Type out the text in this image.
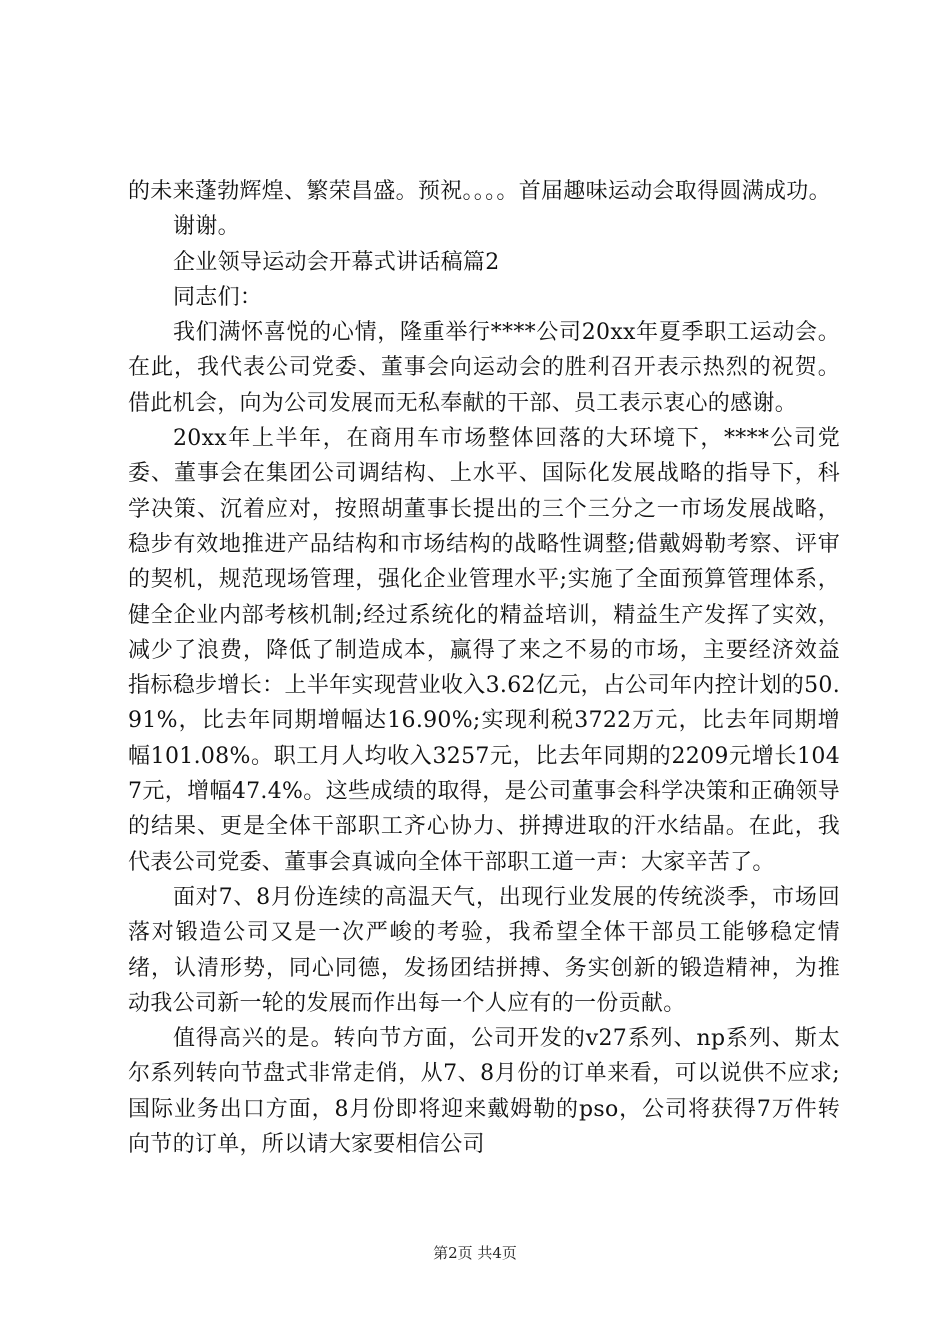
的未来蓬勃辉煌、繁荣昌盛。预祝。。。。首届趣味运动会取得圆满成功。

谢谢。

企业领导运动会开幕式讲话稿篇2

同志们：

我们满怀喜悦的心情，隆重举行****公司20xx年夏季职工运动会。在此，我代表公司党委、董事会向运动会的胜利召开表示热烈的祝贺。借此机会，向为公司发展而无私奉献的干部、员工表示衷心的感谢。

20xx年上半年，在商用车市场整体回落的大环境下，****公司党委、董事会在集团公司调结构、上水平、国际化发展战略的指导下，科学决策、沉着应对，按照胡董事长提出的三个三分之一市场发展战略，稳步有效地推进产品结构和市场结构的战略性调整;借戴姆勒考察、评审的契机，规范现场管理，强化企业管理水平;实施了全面预算管理体系，健全企业内部考核机制;经过系统化的精益培训，精益生产发挥了实效，减少了浪费，降低了制造成本，赢得了来之不易的市场，主要经济效益指标稳步增长：上半年实现营业收入3.62亿元，占公司年内控计划的50.91%，比去年同期增幅达16.90%;实现利税3722万元，比去年同期增幅101.08%。职工月人均收入3257元，比去年同期的2209元增长1047元，增幅47.4%。这些成绩的取得，是公司董事会科学决策和正确领导的结果、更是全体干部职工齐心协力、拼搏进取的汗水结晶。在此，我代表公司党委、董事会真诚向全体干部职工道一声：大家辛苦了。

面对7、8月份连续的高温天气，出现行业发展的传统淡季，市场回落对锻造公司又是一次严峻的考验，我希望全体干部员工能够稳定情绪，认清形势，同心同德，发扬团结拼搏、务实创新的锻造精神，为推动我公司新一轮的发展而作出每一个人应有的一份贡献。

值得高兴的是。转向节方面，公司开发的v27系列、np系列、斯太尔系列转向节盘式非常走俏，从7、8月份的订单来看，可以说供不应求;国际业务出口方面，8月份即将迎来戴姆勒的pso，公司将获得7万件转向节的订单，所以请大家要相信公司

第2页 共4页
